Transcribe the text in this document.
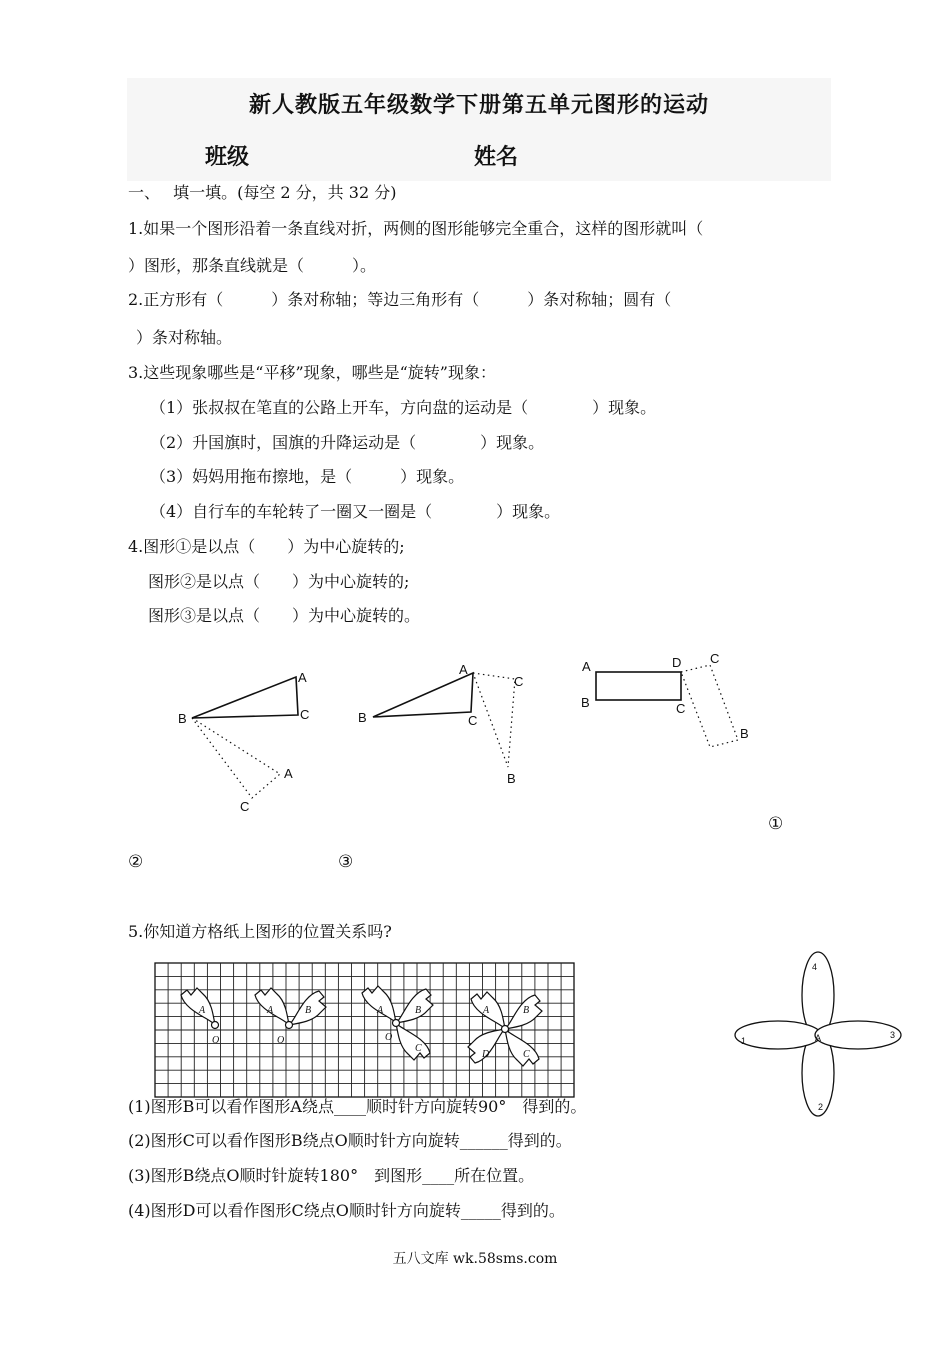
新人教版五年级数学下册第五单元图形的运动
班级	姓名
一、　 填一填。(每空 2 分，共 32 分)
1.如果一个图形沿着一条直线对折，两侧的图形能够完全重合，这样的图形就叫（
）图形，那条直线就是（　　　）。
2.正方形有（　　　）条对称轴；等边三角形有（　　　）条对称轴；圆有（
）条对称轴。
3.这些现象哪些是“平移”现象，哪些是“旋转”现象：
（1）张叔叔在笔直的公路上开车，方向盘的运动是（　　　　）现象。
（2）升国旗时，国旗的升降运动是（　　　　）现象。
（3）妈妈用拖布擦地，是（　　　）现象。
（4）自行车的车轮转了一圈又一圈是（　　　　）现象。
4.图形①是以点（　　）为中心旋转的;
图形②是以点（　　）为中心旋转的;
图形③是以点（　　）为中心旋转的。
A
B	C
A
C
A
B	C
C
B
A
B	C
D C
B
①
②	③
5.你知道方格纸上图形的位置关系吗?
A
O
A	B
O
A	B
C
O
A	B
C
D
1
2
3
4
A
(1)图形B可以看作图形A绕点____顺时针方向旋转90°　得到的。
(2)图形C可以看作图形B绕点O顺时针方向旋转______得到的。
(3)图形B绕点O顺时针旋转180°　到图形____所在位置。
(4)图形D可以看作图形C绕点O顺时针方向旋转_____得到的。
五八文库 wk.58sms.com
